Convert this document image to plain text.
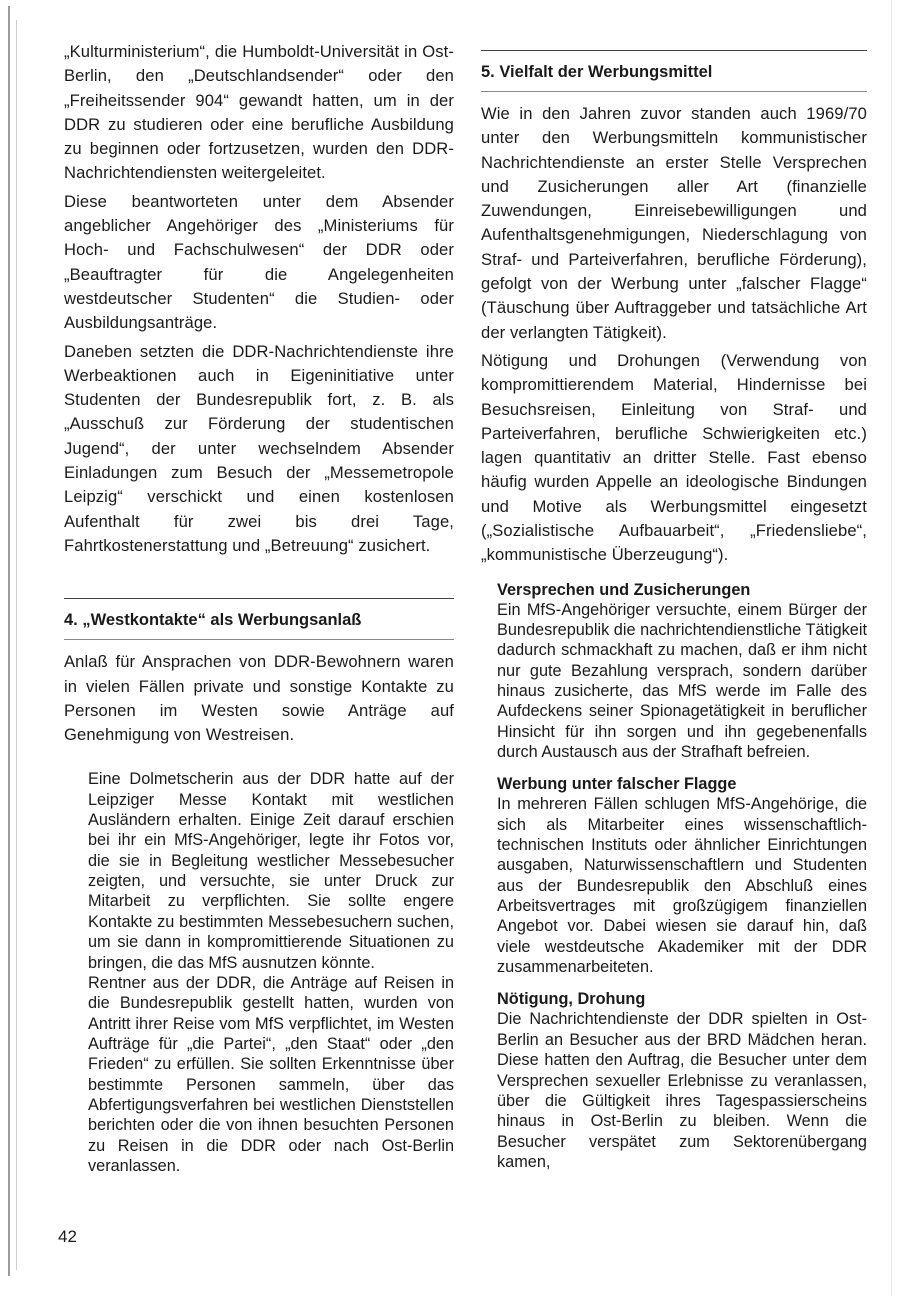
„Kulturministerium“, die Humboldt-Universität in Ost-Berlin, den „Deutschlandsender“ oder den „Freiheitssender 904“ gewandt hatten, um in der DDR zu studieren oder eine berufliche Ausbildung zu beginnen oder fortzusetzen, wurden den DDR-Nachrichtendiensten weitergeleitet.

Diese beantworteten unter dem Absender angeblicher Angehöriger des „Ministeriums für Hoch- und Fachschulwesen“ der DDR oder „Beauftragter für die Angelegenheiten westdeutscher Studenten“ die Studien- oder Ausbildungsanträge.

Daneben setzten die DDR-Nachrichtendienste ihre Werbeaktionen auch in Eigeninitiative unter Studenten der Bundesrepublik fort, z. B. als „Ausschuß zur Förderung der studentischen Jugend“, der unter wechselndem Absender Einladungen zum Besuch der „Messemetropole Leipzig“ verschickt und einen kostenlosen Aufenthalt für zwei bis drei Tage, Fahrtkostenerstattung und „Betreuung“ zusichert.

4. „Westkontakte“ als Werbungsanlaß

Anlaß für Ansprachen von DDR-Bewohnern waren in vielen Fällen private und sonstige Kontakte zu Personen im Westen sowie Anträge auf Genehmigung von Westreisen.

Eine Dolmetscherin aus der DDR hatte auf der Leipziger Messe Kontakt mit westlichen Ausländern erhalten. Einige Zeit darauf erschien bei ihr ein MfS-Angehöriger, legte ihr Fotos vor, die sie in Begleitung westlicher Messebesucher zeigten, und versuchte, sie unter Druck zur Mitarbeit zu verpflichten. Sie sollte engere Kontakte zu bestimmten Messebesuchern suchen, um sie dann in kompromittierende Situationen zu bringen, die das MfS ausnutzen könnte.

Rentner aus der DDR, die Anträge auf Reisen in die Bundesrepublik gestellt hatten, wurden von Antritt ihrer Reise vom MfS verpflichtet, im Westen Aufträge für „die Partei“, „den Staat“ oder „den Frieden“ zu erfüllen. Sie sollten Erkenntnisse über bestimmte Personen sammeln, über das Abfertigungsverfahren bei westlichen Dienststellen berichten oder die von ihnen besuchten Personen zu Reisen in die DDR oder nach Ost-Berlin veranlassen.

5. Vielfalt der Werbungsmittel

Wie in den Jahren zuvor standen auch 1969/70 unter den Werbungsmitteln kommunistischer Nachrichtendienste an erster Stelle Versprechen und Zusicherungen aller Art (finanzielle Zuwendungen, Einreisebewilligungen und Aufenthaltsgenehmigungen, Niederschlagung von Straf- und Parteiverfahren, berufliche Förderung), gefolgt von der Werbung unter „falscher Flagge“ (Täuschung über Auftraggeber und tatsächliche Art der verlangten Tätigkeit).

Nötigung und Drohungen (Verwendung von kompromittierendem Material, Hindernisse bei Besuchsreisen, Einleitung von Straf- und Parteiverfahren, berufliche Schwierigkeiten etc.) lagen quantitativ an dritter Stelle. Fast ebenso häufig wurden Appelle an ideologische Bindungen und Motive als Werbungsmittel eingesetzt („Sozialistische Aufbauarbeit“, „Friedensliebe“, „kommunistische Überzeugung“).

Versprechen und Zusicherungen

Ein MfS-Angehöriger versuchte, einem Bürger der Bundesrepublik die nachrichtendienstliche Tätigkeit dadurch schmackhaft zu machen, daß er ihm nicht nur gute Bezahlung versprach, sondern darüber hinaus zusicherte, das MfS werde im Falle des Aufdeckens seiner Spionagetätigkeit in beruflicher Hinsicht für ihn sorgen und ihn gegebenenfalls durch Austausch aus der Strafhaft befreien.

Werbung unter falscher Flagge

In mehreren Fällen schlugen MfS-Angehörige, die sich als Mitarbeiter eines wissenschaftlich-technischen Instituts oder ähnlicher Einrichtungen ausgaben, Naturwissenschaftlern und Studenten aus der Bundesrepublik den Abschluß eines Arbeitsvertrages mit großzügigem finanziellen Angebot vor. Dabei wiesen sie darauf hin, daß viele westdeutsche Akademiker mit der DDR zusammenarbeiteten.

Nötigung, Drohung

Die Nachrichtendienste der DDR spielten in Ost-Berlin an Besucher aus der BRD Mädchen heran. Diese hatten den Auftrag, die Besucher unter dem Versprechen sexueller Erlebnisse zu veranlassen, über die Gültigkeit ihres Tagespassierscheins hinaus in Ost-Berlin zu bleiben. Wenn die Besucher verspätet zum Sektorenübergang kamen,

42
